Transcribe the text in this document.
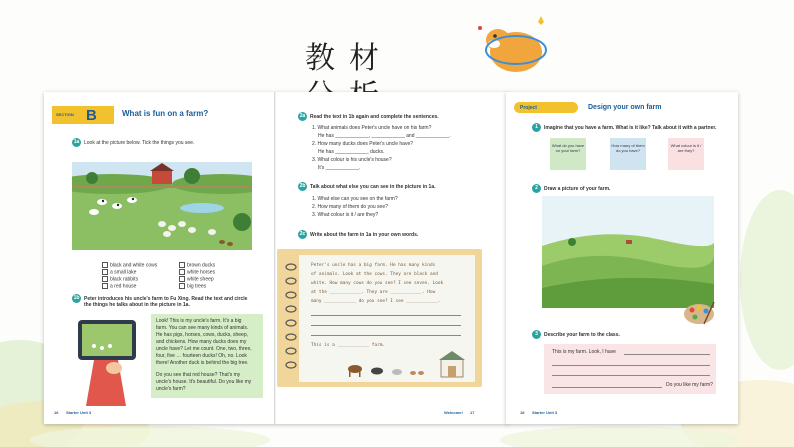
教材
SECTION B	What is fun on a farm?
1a Look at the picture below. Tick the things you see.
black and white cows
a small lake
black rabbits
a red house
brown ducks
white horses
white sheep
big trees
1b Peter introduces his uncle's farm to Fu Xing. Read the text and circle
the things he talks about in the picture in 1a.
Look! This is my uncle's farm. It's a big
farm. You can see many kinds of animals.
He has pigs, horses, cows, ducks, sheep,
and chickens. How many ducks does my
uncle have? Let me count. One, two, three,
four, five … fourteen ducks! Oh, no. Look
there! Another duck is behind the big tree.
Do you see that red house? That's my
uncle's house. It's beautiful. Do you like my
uncle's farm?
16 Starter Unit 3
2a Read the text in 1b again and complete the sentences.
1. What animals does Peter's uncle have on his farm?
He has ____________, ____________ and ____________.
2. How many ducks does Peter's uncle have?
He has ____________ ducks.
3. What colour is his uncle's house?
It's ____________.
2b Talk about what else you can see in the picture in 1a.
1. What else can you see on the farm?
2. How many of them do you see?
3. What colour is it / are they?
2c Write about the farm in 1a in your own words.
Peter's uncle has a big farm. He has many kinds
of animals. Look at the cows. They are black and
white. How many cows do you see? I see seven. Look
at the ____________. They are ____________. How
many ____________ do you see? I see ____________.
This is a ____________ farm.
Welcome! 17
Project	Design your own farm
1	Imagine that you have a farm. What is it like? Talk about it with a partner.
What do you have on your farm?
How many of them do you have?
What colour is it / are they?
2	Draw a picture of your farm.
3	Describe your farm to the class.
This is my farm. Look, I have
Do you like my farm?
18 Starter Unit 3
